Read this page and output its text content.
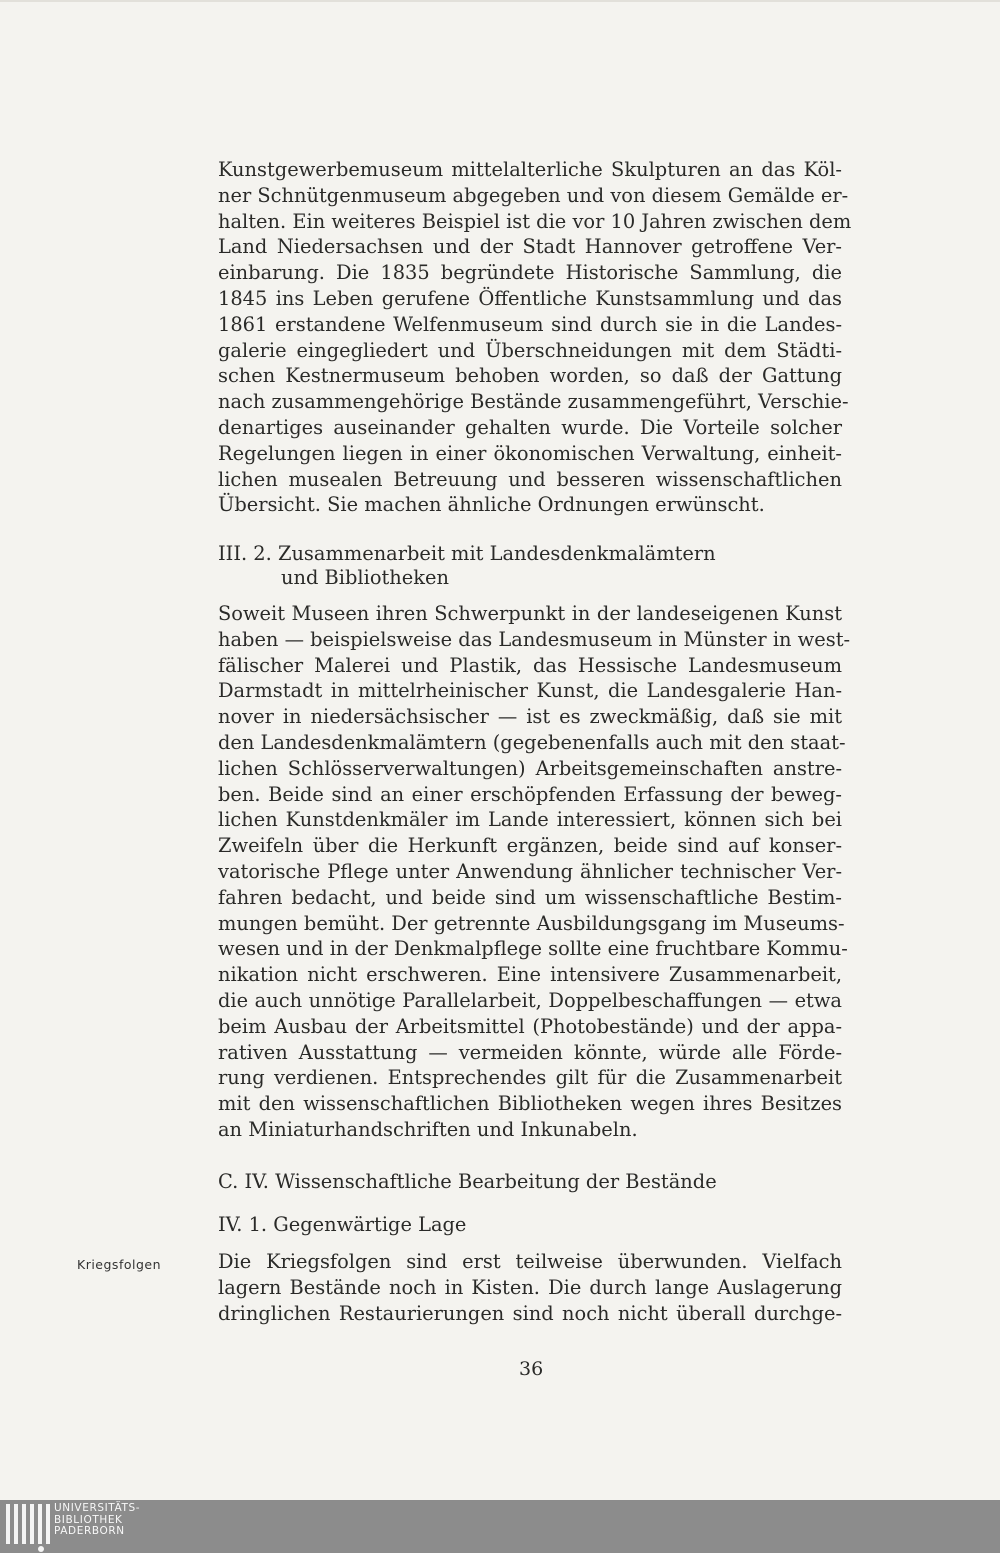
Kunstgewerbemuseum mittelalterliche Skulpturen an das Köl-
ner Schnütgenmuseum abgegeben und von diesem Gemälde er-
halten. Ein weiteres Beispiel ist die vor 10 Jahren zwischen dem
Land Niedersachsen und der Stadt Hannover getroffene Ver-
einbarung. Die 1835 begründete Historische Sammlung, die
1845 ins Leben gerufene Öffentliche Kunstsammlung und das
1861 erstandene Welfenmuseum sind durch sie in die Landes-
galerie eingegliedert und Überschneidungen mit dem Städti-
schen Kestnermuseum behoben worden, so daß der Gattung
nach zusammengehörige Bestände zusammengeführt, Verschie-
denartiges auseinander gehalten wurde. Die Vorteile solcher
Regelungen liegen in einer ökonomischen Verwaltung, einheit-
lichen musealen Betreuung und besseren wissenschaftlichen
Übersicht. Sie machen ähnliche Ordnungen erwünscht.
III. 2. Zusammenarbeit mit Landesdenkmalämtern
und Bibliotheken
Soweit Museen ihren Schwerpunkt in der landeseigenen Kunst
haben — beispielsweise das Landesmuseum in Münster in west-
fälischer Malerei und Plastik, das Hessische Landesmuseum
Darmstadt in mittelrheinischer Kunst, die Landesgalerie Han-
nover in niedersächsischer — ist es zweckmäßig, daß sie mit
den Landesdenkmalämtern (gegebenenfalls auch mit den staat-
lichen Schlösserverwaltungen) Arbeitsgemeinschaften anstre-
ben. Beide sind an einer erschöpfenden Erfassung der beweg-
lichen Kunstdenkmäler im Lande interessiert, können sich bei
Zweifeln über die Herkunft ergänzen, beide sind auf konser-
vatorische Pflege unter Anwendung ähnlicher technischer Ver-
fahren bedacht, und beide sind um wissenschaftliche Bestim-
mungen bemüht. Der getrennte Ausbildungsgang im Museums-
wesen und in der Denkmalpflege sollte eine fruchtbare Kommu-
nikation nicht erschweren. Eine intensivere Zusammenarbeit,
die auch unnötige Parallelarbeit, Doppelbeschaffungen — etwa
beim Ausbau der Arbeitsmittel (Photobestände) und der appa-
rativen Ausstattung — vermeiden könnte, würde alle Förde-
rung verdienen. Entsprechendes gilt für die Zusammenarbeit
mit den wissenschaftlichen Bibliotheken wegen ihres Besitzes
an Miniaturhandschriften und Inkunabeln.
C. IV. Wissenschaftliche Bearbeitung der Bestände
IV. 1. Gegenwärtige Lage
Kriegsfolgen	Die Kriegsfolgen sind erst teilweise überwunden. Vielfach
lagern Bestände noch in Kisten. Die durch lange Auslagerung
dringlichen Restaurierungen sind noch nicht überall durchge-
36
UNIVERSITÄTS-
BIBLIOTHEK
PADERBORN
